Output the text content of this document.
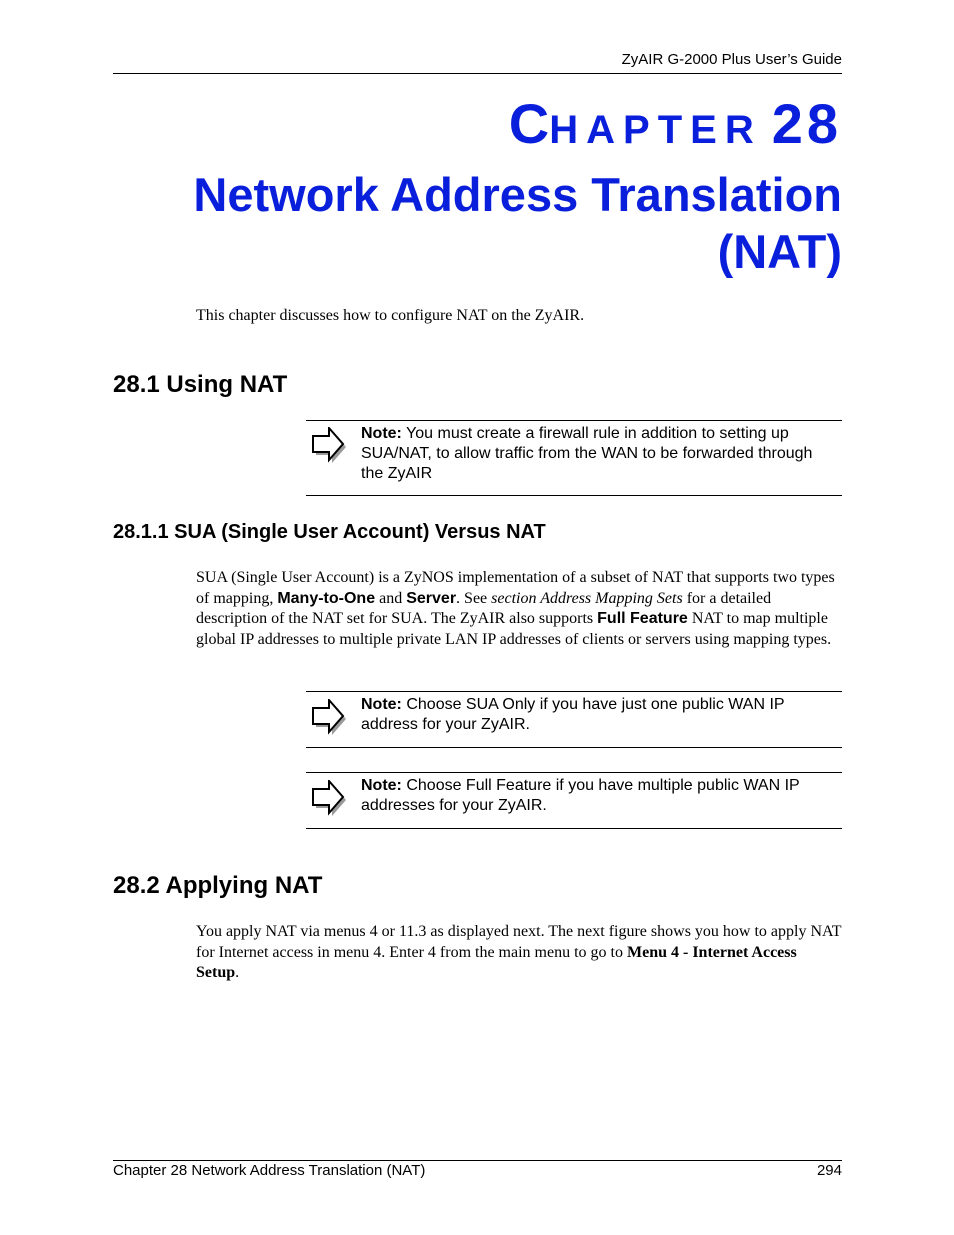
ZyAIR G-2000 Plus User’s Guide
CHAPTER 28
Network Address Translation
(NAT)
This chapter discusses how to configure NAT on the ZyAIR.
28.1 Using NAT
Note: You must create a firewall rule in addition to setting up SUA/NAT, to allow traffic from the WAN to be forwarded through the ZyAIR
28.1.1 SUA (Single User Account) Versus NAT
SUA (Single User Account) is a ZyNOS implementation of a subset of NAT that supports two types of mapping, Many-to-One and Server. See section Address Mapping Sets for a detailed description of the NAT set for SUA. The ZyAIR also supports Full Feature NAT to map multiple global IP addresses to multiple private LAN IP addresses of clients or servers using mapping types.
Note: Choose SUA Only if you have just one public WAN IP address for your ZyAIR.
Note: Choose Full Feature if you have multiple public WAN IP addresses for your ZyAIR.
28.2 Applying NAT
You apply NAT via menus 4 or 11.3 as displayed next. The next figure shows you how to apply NAT for Internet access in menu 4. Enter 4 from the main menu to go to Menu 4 - Internet Access Setup.
Chapter 28 Network Address Translation (NAT)	294
